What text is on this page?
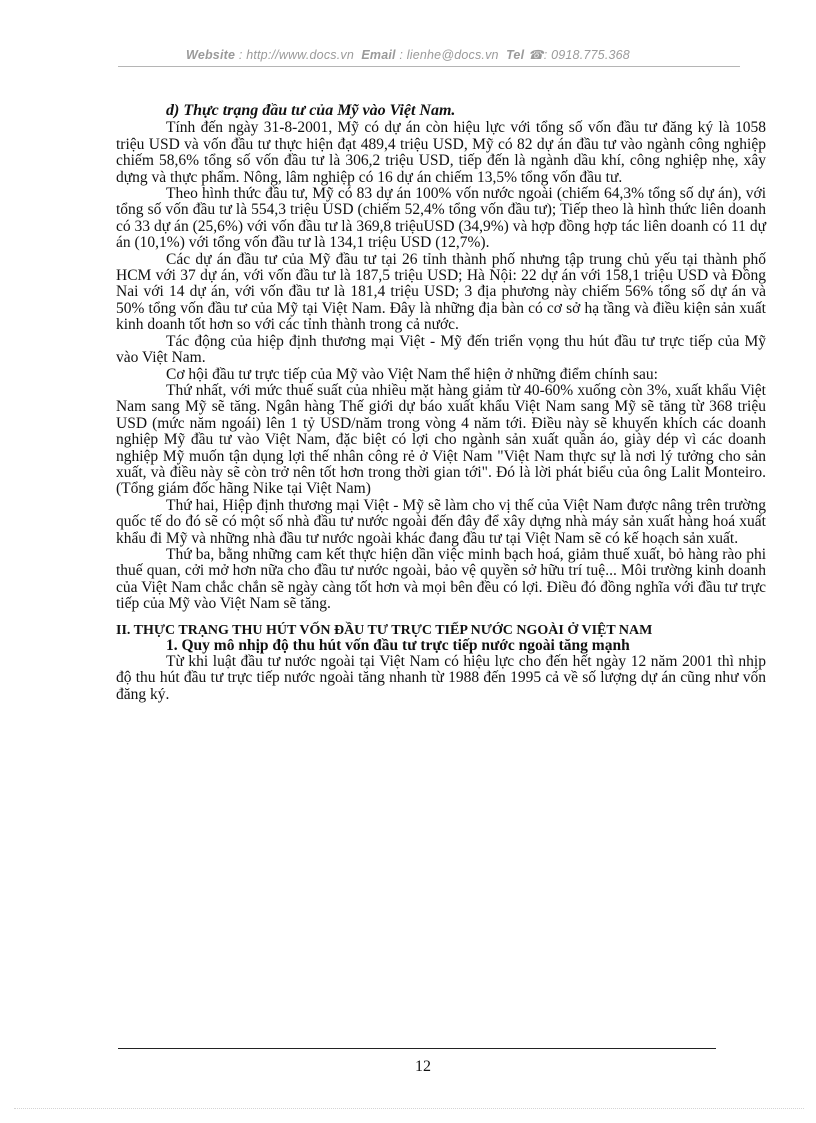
Website : http://www.docs.vn Email : lienhe@docs.vn Tel ☎: 0918.775.368

d) Thực trạng đầu tư của Mỹ vào Việt Nam.

Tính đến ngày 31-8-2001, Mỹ có dự án còn hiệu lực với tổng số vốn đầu tư đăng ký là 1058 triệu USD và vốn đầu tư thực hiện đạt 489,4 triệu USD, Mỹ có 82 dự án đầu tư vào ngành công nghiệp chiếm 58,6% tổng số vốn đầu tư là 306,2 triệu USD, tiếp đến là ngành dầu khí, công nghiệp nhẹ, xây dựng và thực phẩm. Nông, lâm nghiệp có 16 dự án chiếm 13,5% tổng vốn đầu tư.

Theo hình thức đầu tư, Mỹ có 83 dự án 100% vốn nước ngoài (chiếm 64,3% tổng số dự án), với tổng số vốn đầu tư là 554,3 triệu USD (chiếm 52,4% tổng vốn đầu tư); Tiếp theo là hình thức liên doanh có 33 dự án (25,6%) với vốn đầu tư là 369,8 triệuUSD (34,9%) và hợp đồng hợp tác liên doanh có 11 dự án (10,1%) với tổng vốn đầu tư là 134,1 triệu USD (12,7%).

Các dự án đầu tư của Mỹ đầu tư tại 26 tỉnh thành phố nhưng tập trung chủ yếu tại thành phố HCM với 37 dự án, với vốn đầu tư là 187,5 triệu USD; Hà Nội: 22 dự án với 158,1 triệu USD và Đồng Nai với 14 dự án, với vốn đầu tư là 181,4 triệu USD; 3 địa phương này chiếm 56% tổng số dự án và 50% tổng vốn đầu tư của Mỹ tại Việt Nam. Đây là những địa bàn có cơ sở hạ tầng và điều kiện sản xuất kinh doanh tốt hơn so với các tỉnh thành trong cả nước.

Tác động của hiệp định thương mại Việt - Mỹ đến triển vọng thu hút đầu tư trực tiếp của Mỹ vào Việt Nam.

Cơ hội đầu tư trực tiếp của Mỹ vào Việt Nam thể hiện ở những điểm chính sau:

Thứ nhất, với mức thuế suất của nhiều mặt hàng giảm từ 40-60% xuống còn 3%, xuất khẩu Việt Nam sang Mỹ sẽ tăng. Ngân hàng Thế giới dự báo xuất khẩu Việt Nam sang Mỹ sẽ tăng từ 368 triệu USD (mức năm ngoái) lên 1 tỷ USD/năm trong vòng 4 năm tới. Điều này sẽ khuyến khích các doanh nghiệp Mỹ đầu tư vào Việt Nam, đặc biệt có lợi cho ngành sản xuất quần áo, giày dép vì các doanh nghiệp Mỹ muốn tận dụng lợi thế nhân công rẻ ở Việt Nam "Việt Nam thực sự là nơi lý tưởng cho sản xuất, và điều này sẽ còn trở nên tốt hơn trong thời gian tới". Đó là lời phát biểu của ông Lalit Monteiro. (Tổng giám đốc hãng Nike tại Việt Nam)

Thứ hai, Hiệp định thương mại Việt - Mỹ sẽ làm cho vị thế của Việt Nam được nâng trên trường quốc tế do đó sẽ có một số nhà đầu tư nước ngoài đến đây để xây dựng nhà máy sản xuất hàng hoá xuất khẩu đi Mỹ và những nhà đầu tư nước ngoài khác đang đầu tư tại Việt Nam sẽ có kế hoạch sản xuất.

Thứ ba, bằng những cam kết thực hiện dần việc minh bạch hoá, giảm thuế xuất, bỏ hàng rào phi thuế quan, cởi mở hơn nữa cho đầu tư nước ngoài, bảo vệ quyền sở hữu trí tuệ... Môi trường kinh doanh của Việt Nam chắc chắn sẽ ngày càng tốt hơn và mọi bên đều có lợi. Điều đó đồng nghĩa với đầu tư trực tiếp của Mỹ vào Việt Nam sẽ tăng.

II. THỰC TRẠNG THU HÚT VỐN ĐẦU TƯ TRỰC TIẾP NƯỚC NGOÀI Ở VIỆT NAM

1. Quy mô nhịp độ thu hút vốn đầu tư trực tiếp nước ngoài tăng mạnh

Từ khi luật đầu tư nước ngoài tại Việt Nam có hiệu lực cho đến hết ngày 12 năm 2001 thì nhịp độ thu hút đầu tư trực tiếp nước ngoài tăng nhanh từ 1988 đến 1995 cả về số lượng dự án cũng như vốn đăng ký.

12
